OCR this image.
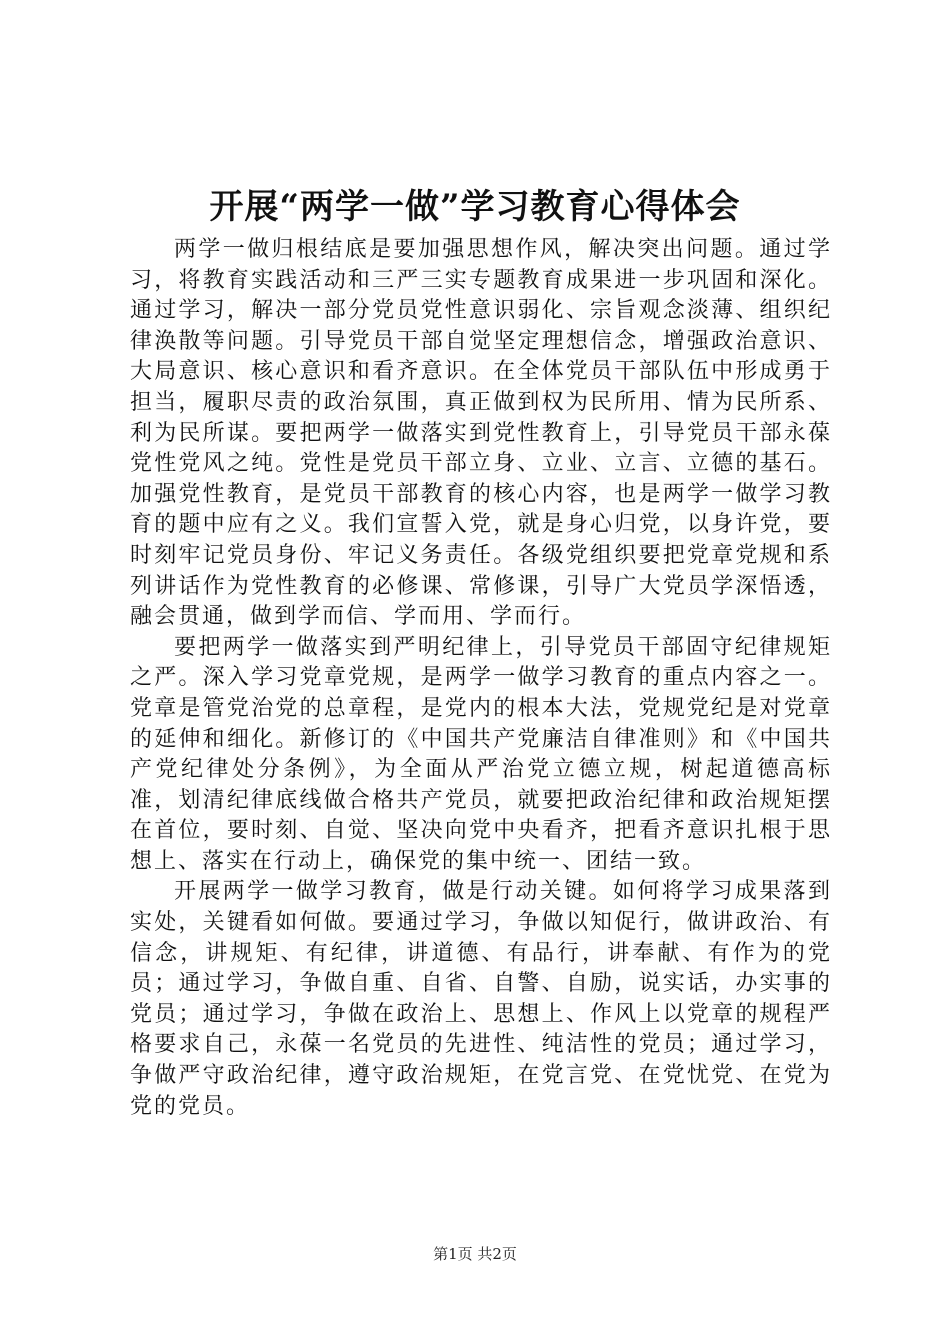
开展“两学一做”学习教育心得体会

两学一做归根结底是要加强思想作风，解决突出问题。通过学习，将教育实践活动和三严三实专题教育成果进一步巩固和深化。通过学习，解决一部分党员党性意识弱化、宗旨观念淡薄、组织纪律涣散等问题。引导党员干部自觉坚定理想信念，增强政治意识、大局意识、核心意识和看齐意识。在全体党员干部队伍中形成勇于担当，履职尽责的政治氛围，真正做到权为民所用、情为民所系、利为民所谋。要把两学一做落实到党性教育上，引导党员干部永葆党性党风之纯。党性是党员干部立身、立业、立言、立德的基石。加强党性教育，是党员干部教育的核心内容，也是两学一做学习教育的题中应有之义。我们宣誓入党，就是身心归党，以身许党，要时刻牢记党员身份、牢记义务责任。各级党组织要把党章党规和系列讲话作为党性教育的必修课、常修课，引导广大党员学深悟透，融会贯通，做到学而信、学而用、学而行。

要把两学一做落实到严明纪律上，引导党员干部固守纪律规矩之严。深入学习党章党规，是两学一做学习教育的重点内容之一。党章是管党治党的总章程，是党内的根本大法，党规党纪是对党章的延伸和细化。新修订的《中国共产党廉洁自律准则》和《中国共产党纪律处分条例》，为全面从严治党立德立规，树起道德高标准，划清纪律底线做合格共产党员，就要把政治纪律和政治规矩摆在首位，要时刻、自觉、坚决向党中央看齐，把看齐意识扎根于思想上、落实在行动上，确保党的集中统一、团结一致。

开展两学一做学习教育，做是行动关键。如何将学习成果落到实处，关键看如何做。要通过学习，争做以知促行，做讲政治、有信念，讲规矩、有纪律，讲道德、有品行，讲奉献、有作为的党员；通过学习，争做自重、自省、自警、自励，说实话，办实事的党员；通过学习，争做在政治上、思想上、作风上以党章的规程严格要求自己，永葆一名党员的先进性、纯洁性的党员；通过学习，争做严守政治纪律，遵守政治规矩，在党言党、在党忧党、在党为党的党员。

第1页 共2页
